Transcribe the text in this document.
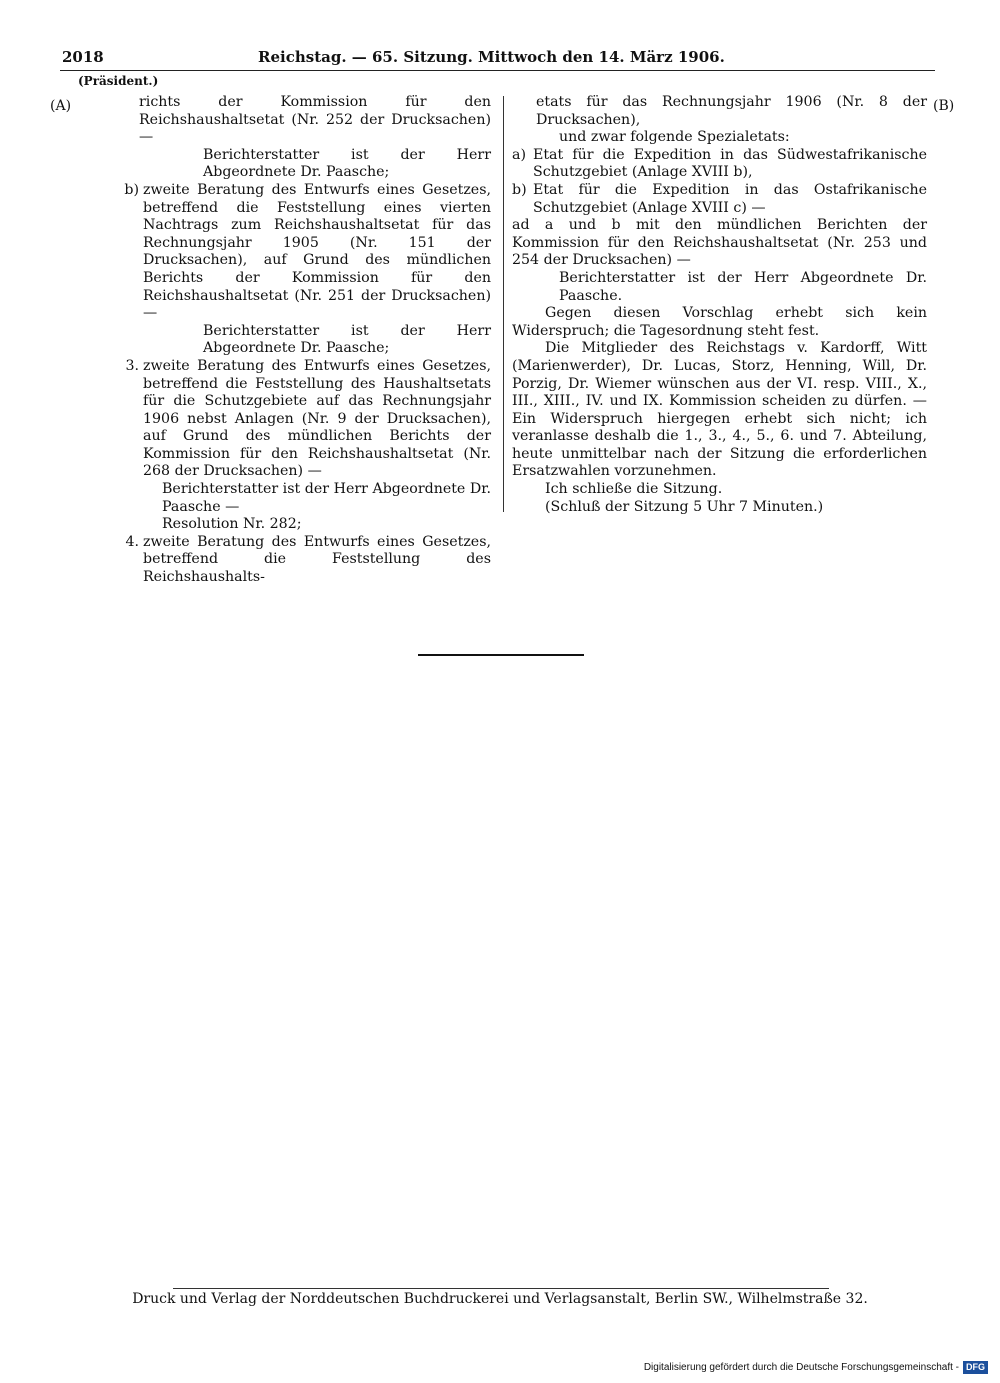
2018	Reichstag. — 65. Sitzung. Mittwoch den 14. März 1906.
(Präsident.)
(A)	(B)
richts der Kommission für den Reichshaushaltsetat (Nr. 252 der Drucksachen) —
Berichterstatter ist der Herr Abgeordnete Dr. Paasche;
b) zweite Beratung des Entwurfs eines Gesetzes, betreffend die Feststellung eines vierten Nachtrags zum Reichshaushaltsetat für das Rechnungsjahr 1905 (Nr. 151 der Drucksachen), auf Grund des mündlichen Berichts der Kommission für den Reichshaushaltsetat (Nr. 251 der Drucksachen) —
Berichterstatter ist der Herr Abgeordnete Dr. Paasche;
3. zweite Beratung des Entwurfs eines Gesetzes, betreffend die Feststellung des Haushaltsetats für die Schutzgebiete auf das Rechnungsjahr 1906 nebst Anlagen (Nr. 9 der Drucksachen), auf Grund des mündlichen Berichts der Kommission für den Reichshaushaltsetat (Nr. 268 der Drucksachen) —
Berichterstatter ist der Herr Abgeordnete Dr. Paasche —
Resolution Nr. 282;
4. zweite Beratung des Entwurfs eines Gesetzes, betreffend die Feststellung des Reichshaushalts-
etats für das Rechnungsjahr 1906 (Nr. 8 der Drucksachen),
und zwar folgende Spezialetats:
a) Etat für die Expedition in das Südwestafrikanische Schutzgebiet (Anlage XVIII b),
b) Etat für die Expedition in das Ostafrikanische Schutzgebiet (Anlage XVIII c) —
ad a und b mit den mündlichen Berichten der Kommission für den Reichshaushaltsetat (Nr. 253 und 254 der Drucksachen) —
Berichterstatter ist der Herr Abgeordnete Dr. Paasche.

Gegen diesen Vorschlag erhebt sich kein Widerspruch; die Tagesordnung steht fest.

Die Mitglieder des Reichstags v. Kardorff, Witt (Marienwerder), Dr. Lucas, Storz, Henning, Will, Dr. Porzig, Dr. Wiemer wünschen aus der VI. resp. VIII., X., III., XIII., IV. und IX. Kommission scheiden zu dürfen. — Ein Widerspruch hiergegen erhebt sich nicht; ich veranlasse deshalb die 1., 3., 4., 5., 6. und 7. Abteilung, heute unmittelbar nach der Sitzung die erforderlichen Ersatzwahlen vorzunehmen.

Ich schließe die Sitzung.

(Schluß der Sitzung 5 Uhr 7 Minuten.)

Druck und Verlag der Norddeutschen Buchdruckerei und Verlagsanstalt, Berlin SW., Wilhelmstraße 32.
Digitalisierung gefördert durch die Deutsche Forschungsgemeinschaft - DFG
